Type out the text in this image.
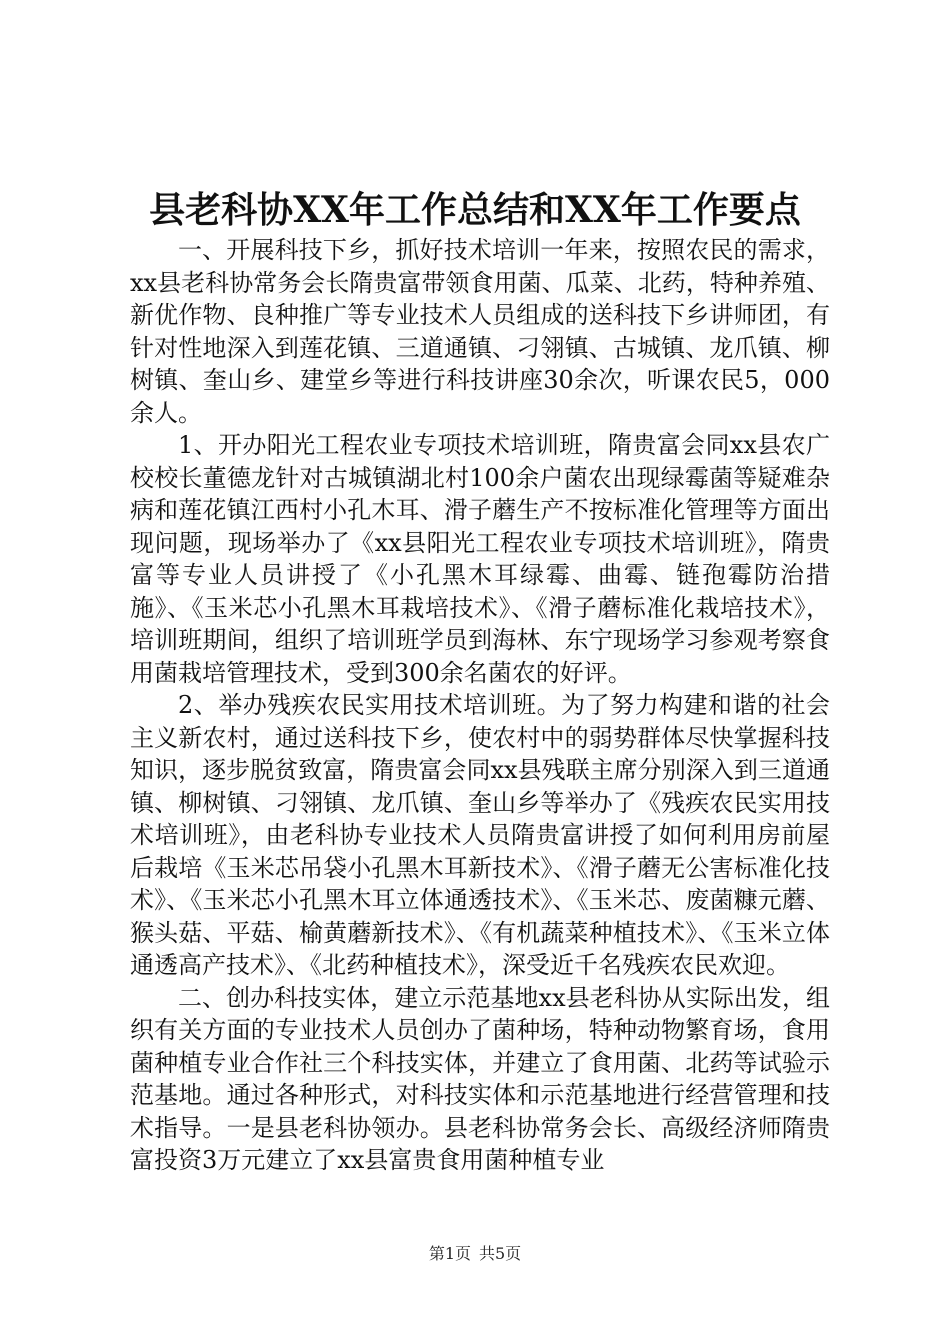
县老科协XX年工作总结和XX年工作要点

一、开展科技下乡，抓好技术培训一年来，按照农民的需求，xx县老科协常务会长隋贵富带领食用菌、瓜菜、北药，特种养殖、新优作物、良种推广等专业技术人员组成的送科技下乡讲师团，有针对性地深入到莲花镇、三道通镇、刁翎镇、古城镇、龙爪镇、柳树镇、奎山乡、建堂乡等进行科技讲座30余次，听课农民5，000余人。

1、开办阳光工程农业专项技术培训班，隋贵富会同xx县农广校校长董德龙针对古城镇湖北村100余户菌农出现绿霉菌等疑难杂病和莲花镇江西村小孔木耳、滑子蘑生产不按标准化管理等方面出现问题，现场举办了《xx县阳光工程农业专项技术培训班》，隋贵富等专业人员讲授了《小孔黑木耳绿霉、曲霉、链孢霉防治措施》、《玉米芯小孔黑木耳栽培技术》、《滑子蘑标准化栽培技术》，培训班期间，组织了培训班学员到海林、东宁现场学习参观考察食用菌栽培管理技术，受到300余名菌农的好评。

2、举办残疾农民实用技术培训班。为了努力构建和谐的社会主义新农村，通过送科技下乡，使农村中的弱势群体尽快掌握科技知识，逐步脱贫致富，隋贵富会同xx县残联主席分别深入到三道通镇、柳树镇、刁翎镇、龙爪镇、奎山乡等举办了《残疾农民实用技术培训班》，由老科协专业技术人员隋贵富讲授了如何利用房前屋后栽培《玉米芯吊袋小孔黑木耳新技术》、《滑子蘑无公害标准化技术》、《玉米芯小孔黑木耳立体通透技术》、《玉米芯、废菌糠元蘑、猴头菇、平菇、榆黄蘑新技术》、《有机蔬菜种植技术》、《玉米立体通透高产技术》、《北药种植技术》，深受近千名残疾农民欢迎。

二、创办科技实体，建立示范基地xx县老科协从实际出发，组织有关方面的专业技术人员创办了菌种场，特种动物繁育场，食用菌种植专业合作社三个科技实体，并建立了食用菌、北药等试验示范基地。通过各种形式，对科技实体和示范基地进行经营管理和技术指导。一是县老科协领办。县老科协常务会长、高级经济师隋贵富投资3万元建立了xx县富贵食用菌种植专业

第1页 共5页
